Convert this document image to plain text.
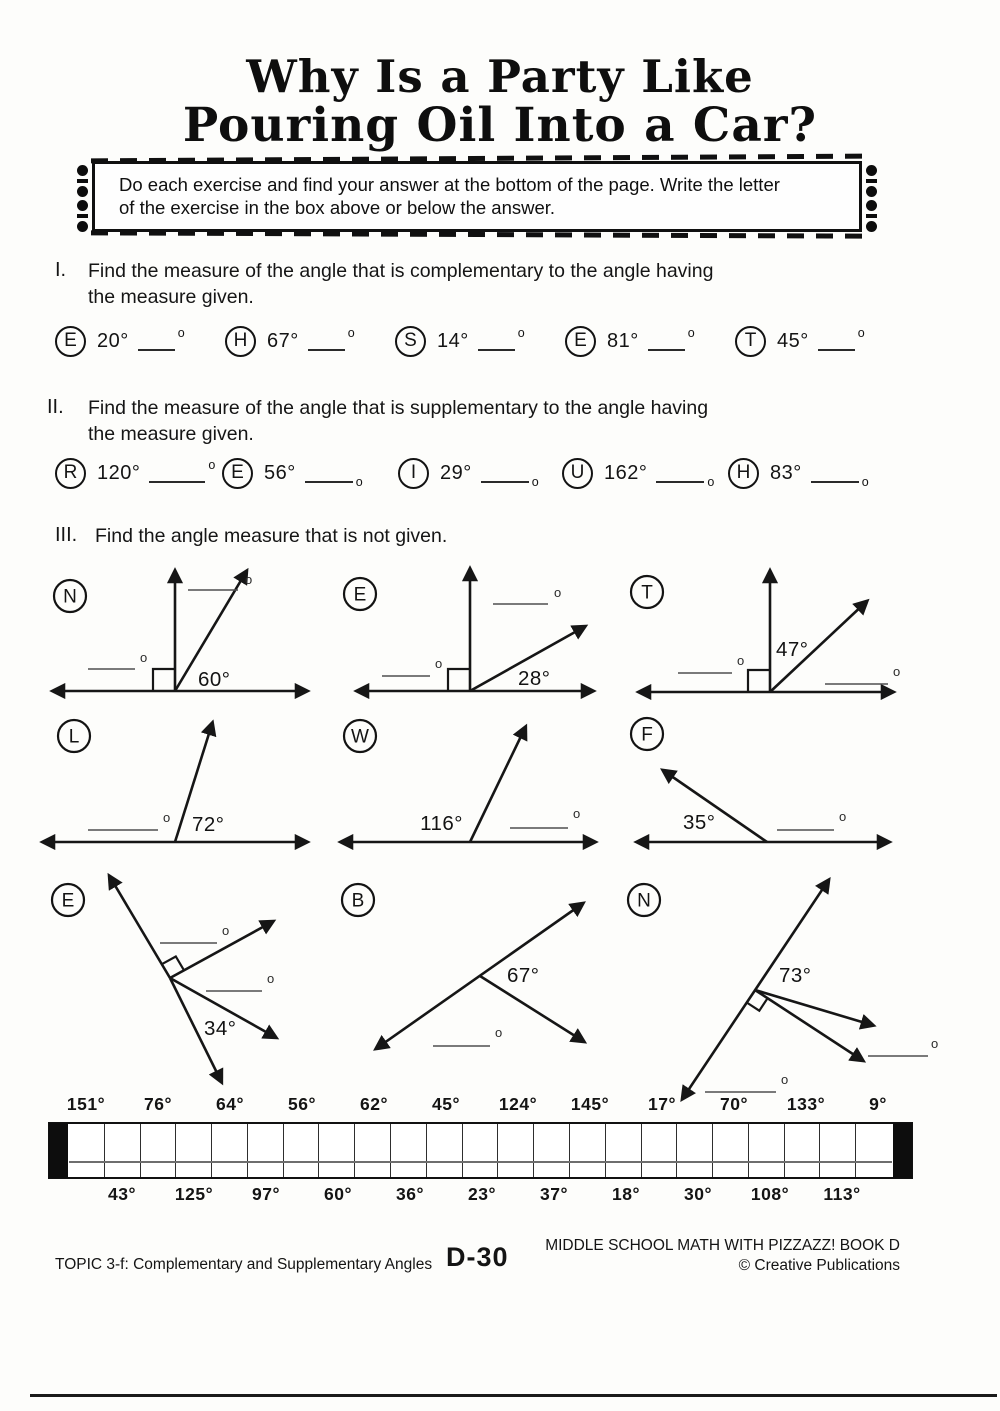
Why Is a Party Like
Pouring Oil Into a Car?
Do each exercise and find your answer at the bottom of the page. Write the letter
of the exercise in the box above or below the answer.
I. Find the measure of the angle that is complementary to the angle having
the measure given.
E 20°	o	H 67°	o	S 14°	o	E 81°	o	T 45°	o
II. Find the measure of the angle that is supplementary to the angle having
the measure given.
R 120°	o E 56°	o	I 29°	o U 162°	o H 83°	o
III. Find the angle measure that is not given.
N
60°
o
o
E
28°
o
o
T
47°
o
o
L
72°
o
W
116°	o
F
35°	o
E
34°
o
o
B
67°
o
N
73°
o
o
151° 76°	64°	56°	62°	45° 124° 145° 17°	70° 133°	9°
43° 125° 97°	60°	36°	23°	37°	18°	30° 108° 113°
TOPIC 3-f: Complementary and Supplementary Angles D-30 MIDDLE SCHOOL MATH WITH PIZZAZZ! BOOK D
© Creative Publications
